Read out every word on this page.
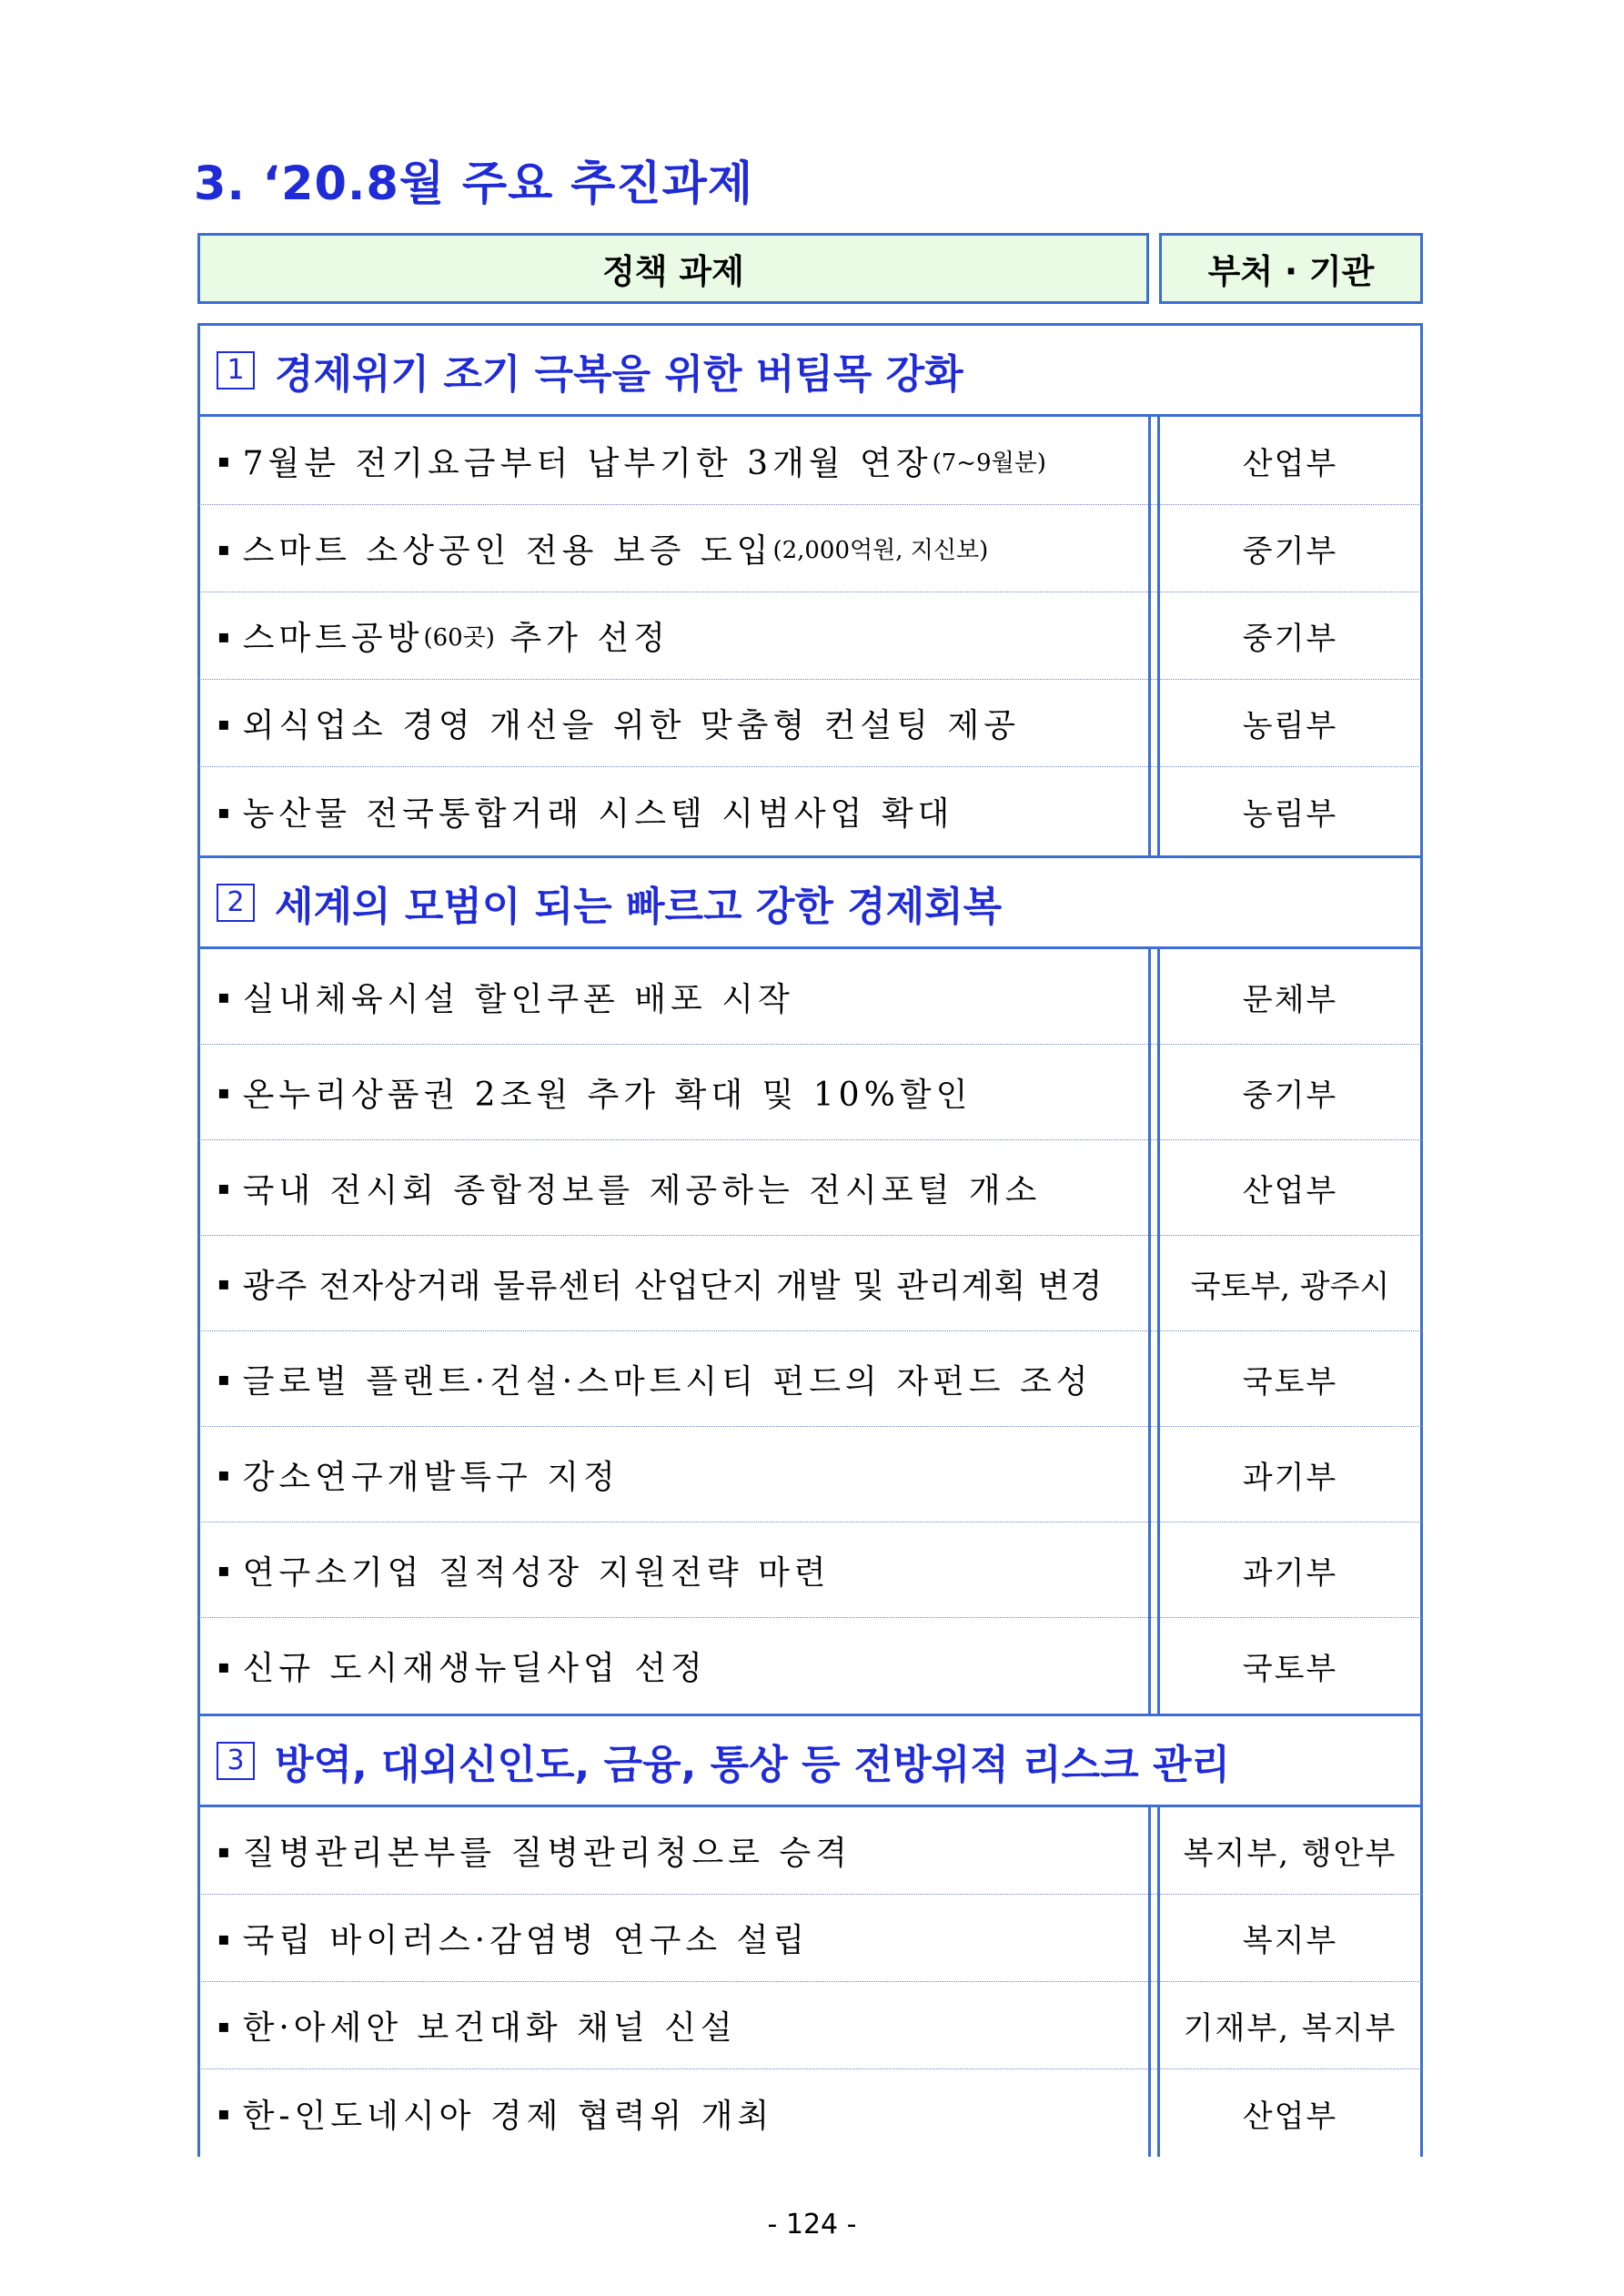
3. ‘20.8월 주요 추진과제
정책 과제	부처 · 기관
1 경제위기 조기 극복을 위한 버팀목 강화
▪ 7월분 전기요금부터 납부기한 3개월 연장 (7~9월분)	산업부
▪ 스마트 소상공인 전용 보증 도입 (2,000억원, 지신보)	중기부
▪ 스마트공방 (60곳) 추가 선정	중기부
▪ 외식업소 경영 개선을 위한 맞춤형 컨설팅 제공	농림부
▪ 농산물 전국통합거래 시스템 시범사업 확대	농림부
2 세계의 모범이 되는 빠르고 강한 경제회복
▪ 실내체육시설 할인쿠폰 배포 시작	문체부
▪ 온누리상품권 2조원 추가 확대 및 10%할인	중기부
▪ 국내 전시회 종합정보를 제공하는 전시포털 개소	산업부
▪ 광주 전자상거래 물류센터 산업단지 개발 및 관리계획 변경	국토부, 광주시
▪ 글로벌 플랜트·건설·스마트시티 펀드의 자펀드 조성	국토부
▪ 강소연구개발특구 지정	과기부
▪ 연구소기업 질적성장 지원전략 마련	과기부
▪ 신규 도시재생뉴딜사업 선정	국토부
3 방역, 대외신인도, 금융, 통상 등 전방위적 리스크 관리
▪ 질병관리본부를 질병관리청으로 승격	복지부, 행안부
▪ 국립 바이러스·감염병 연구소 설립	복지부
▪ 한·아세안 보건대화 채널 신설	기재부, 복지부
▪ 한-인도네시아 경제 협력위 개최	산업부
- 124 -
